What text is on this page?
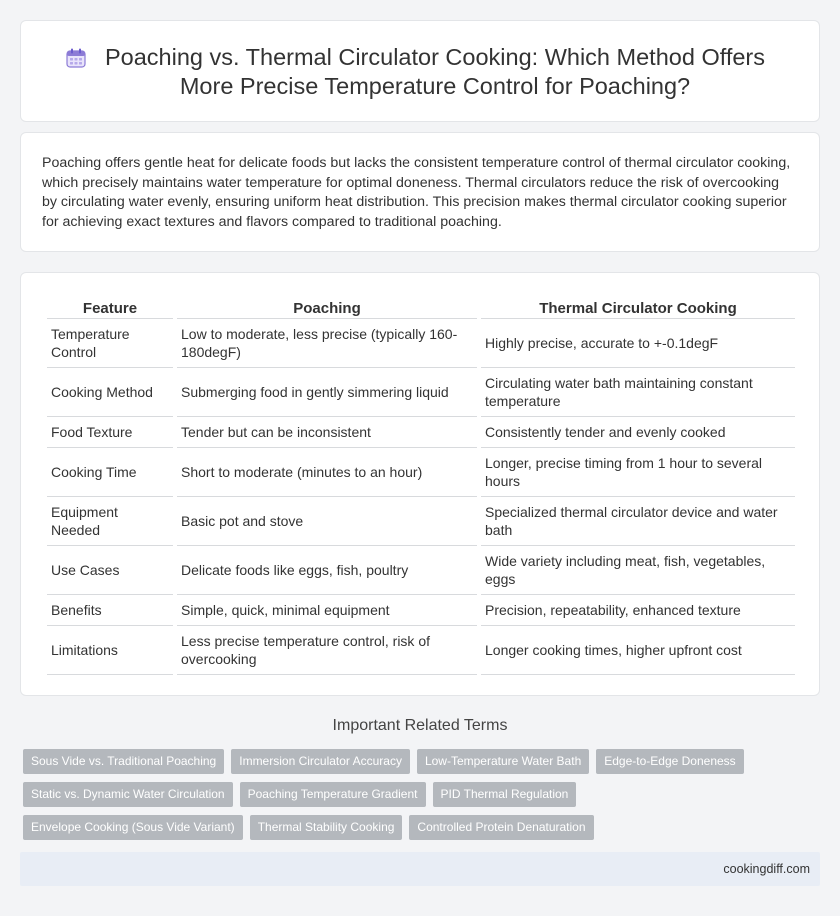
Poaching vs. Thermal Circulator Cooking: Which Method Offers More Precise Temperature Control for Poaching?

Poaching offers gentle heat for delicate foods but lacks the consistent temperature control of thermal circulator cooking, which precisely maintains water temperature for optimal doneness. Thermal circulators reduce the risk of overcooking by circulating water evenly, ensuring uniform heat distribution. This precision makes thermal circulator cooking superior for achieving exact textures and flavors compared to traditional poaching.

Feature	Poaching	Thermal Circulator Cooking
Temperature Control	Low to moderate, less precise (typically 160-180degF)	Highly precise, accurate to +-0.1degF
Cooking Method	Submerging food in gently simmering liquid	Circulating water bath maintaining constant temperature
Food Texture	Tender but can be inconsistent	Consistently tender and evenly cooked
Cooking Time	Short to moderate (minutes to an hour)	Longer, precise timing from 1 hour to several hours
Equipment Needed	Basic pot and stove	Specialized thermal circulator device and water bath
Use Cases	Delicate foods like eggs, fish, poultry	Wide variety including meat, fish, vegetables, eggs
Benefits	Simple, quick, minimal equipment	Precision, repeatability, enhanced texture
Limitations	Less precise temperature control, risk of overcooking	Longer cooking times, higher upfront cost
Important Related Terms
Sous Vide vs. Traditional Poaching	Immersion Circulator Accuracy	Low-Temperature Water Bath	Edge-to-Edge Doneness
Static vs. Dynamic Water Circulation	Poaching Temperature Gradient	PID Thermal Regulation
Envelope Cooking (Sous Vide Variant)	Thermal Stability Cooking	Controlled Protein Denaturation
cookingdiff.com
